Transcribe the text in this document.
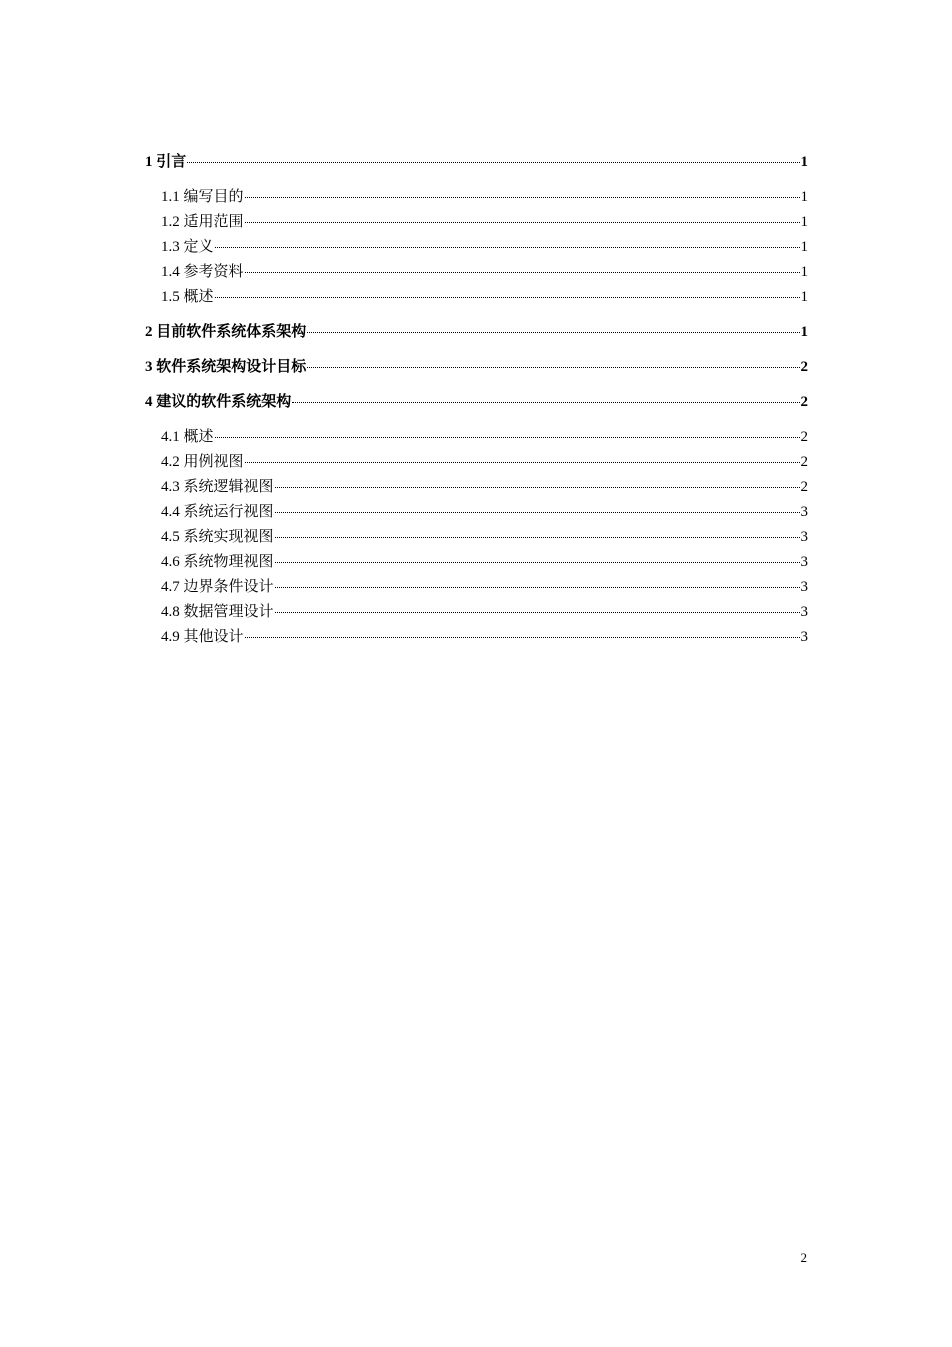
1 引言	1
1.1 编写目的	1
1.2 适用范围	1
1.3 定义	1
1.4 参考资料	1
1.5 概述	1
2 目前软件系统体系架构	1
3 软件系统架构设计目标	2
4 建议的软件系统架构	2
4.1 概述	2
4.2 用例视图	2
4.3 系统逻辑视图	2
4.4 系统运行视图	3
4.5 系统实现视图	3
4.6 系统物理视图	3
4.7 边界条件设计	3
4.8 数据管理设计	3
4.9 其他设计	3
2
